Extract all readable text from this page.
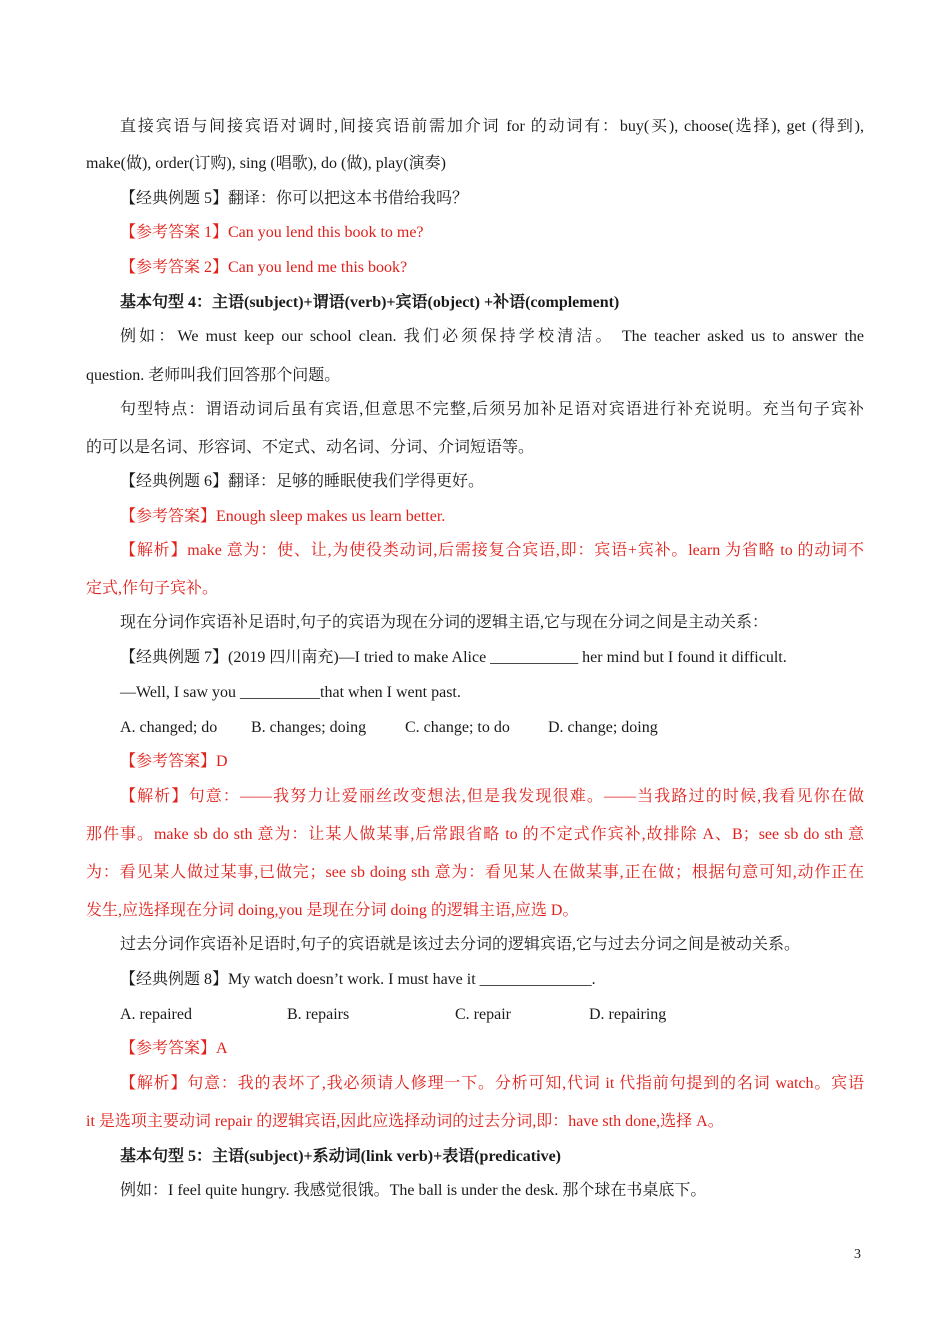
直接宾语与间接宾语对调时,间接宾语前需加介词 for 的动词有：buy(买), choose(选择), get (得到),
make(做), order(订购), sing (唱歌), do (做), play(演奏)
【经典例题 5】翻译：你可以把这本书借给我吗？
【参考答案 1】Can you lend this book to me?
【参考答案 2】Can you lend me this book?
基本句型 4：主语(subject)+谓语(verb)+宾语(object) +补语(complement)
例如：We must keep our school clean. 我们必须保持学校清洁。 The teacher asked us to answer the
question. 老师叫我们回答那个问题。
句型特点：谓语动词后虽有宾语,但意思不完整,后须另加补足语对宾语进行补充说明。充当句子宾补
的可以是名词、形容词、不定式、动名词、分词、介词短语等。
【经典例题 6】翻译：足够的睡眠使我们学得更好。
【参考答案】Enough sleep makes us learn better.
【解析】make 意为：使、让,为使役类动词,后需接复合宾语,即：宾语+宾补。learn 为省略 to 的动词不
定式,作句子宾补。
现在分词作宾语补足语时,句子的宾语为现在分词的逻辑主语,它与现在分词之间是主动关系：
【经典例题 7】(2019 四川南充)—I tried to make Alice ___________ her mind but I found it difficult.
—Well, I saw you __________that when I went past.
A. changed; do B. changes; doing C. change; to do D. change; doing
【参考答案】D
【解析】句意：——我努力让爱丽丝改变想法,但是我发现很难。——当我路过的时候,我看见你在做
那件事。make sb do sth 意为：让某人做某事,后常跟省略 to 的不定式作宾补,故排除 A、B；see sb do sth 意
为：看见某人做过某事,已做完；see sb doing sth 意为：看见某人在做某事,正在做；根据句意可知,动作正在
发生,应选择现在分词 doing,you 是现在分词 doing 的逻辑主语,应选 D。
过去分词作宾语补足语时,句子的宾语就是该过去分词的逻辑宾语,它与过去分词之间是被动关系。
【经典例题 8】My watch doesn’t work. I must have it ______________.
A. repaired	B. repairs	C. repair	D. repairing
【参考答案】A
【解析】句意：我的表坏了,我必须请人修理一下。分析可知,代词 it 代指前句提到的名词 watch。宾语
it 是选项主要动词 repair 的逻辑宾语,因此应选择动词的过去分词,即：have sth done,选择 A。
基本句型 5：主语(subject)+系动词(link verb)+表语(predicative)
例如：I feel quite hungry. 我感觉很饿。The ball is under the desk. 那个球在书桌底下。
3
